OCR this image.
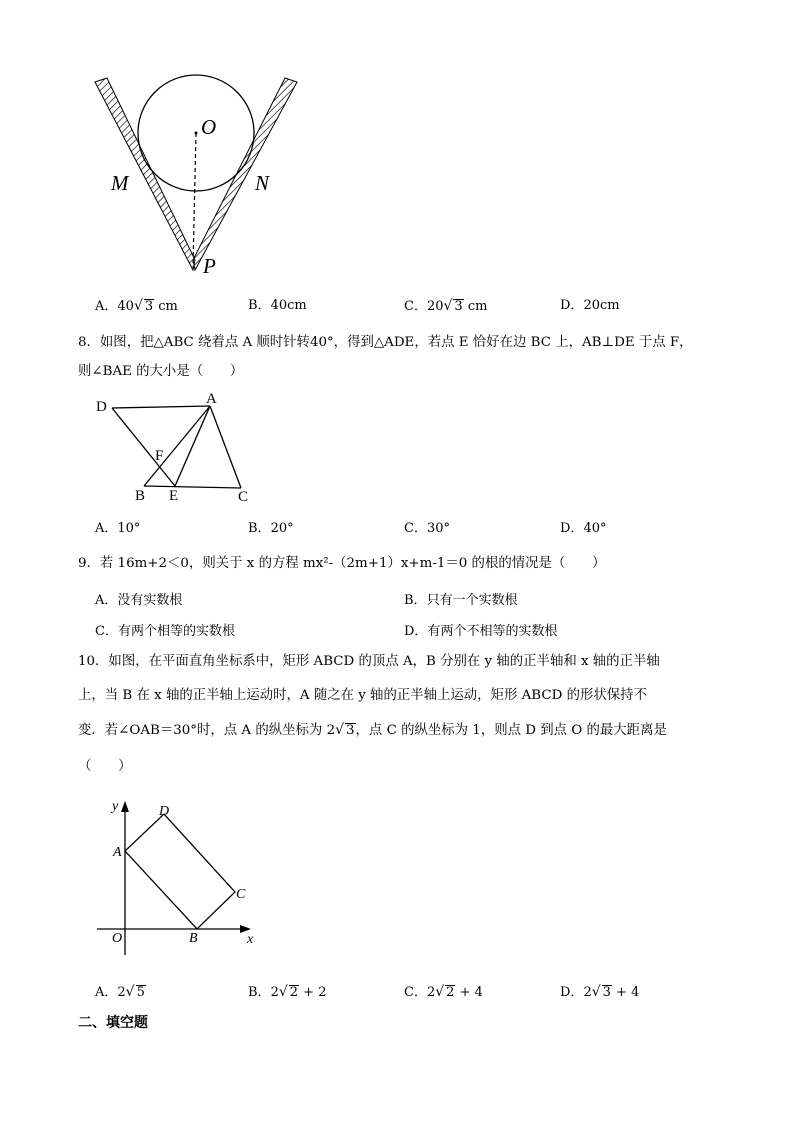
O
M	N
P
A．40√ 3 cm	B．40cm	C．20√ 3 cm	D．20cm
8．如图，把△ABC 绕着点 A 顺时针转40°，得到△ADE，若点 E 恰好在边 BC 上，AB⊥DE 于点 F，
则∠BAE 的大小是（　　）
D	A
F
B E	C
A．10°	B．20°	C．30°	D．40°
9．若 16m+2＜0，则关于 x 的方程 mx²-（2m+1）x+m-1＝0 的根的情况是（　　）
A．没有实数根	B．只有一个实数根
C．有两个相等的实数根	D．有两个不相等的实数根
10．如图，在平面直角坐标系中，矩形 ABCD 的顶点 A，B 分别在 y 轴的正半轴和 x 轴的正半轴
上，当 B 在 x 轴的正半轴上运动时，A 随之在 y 轴的正半轴上运动，矩形 ABCD 的形状保持不
变．若∠OAB＝30°时，点 A 的纵坐标为 2√ 3，点 C 的纵坐标为 1，则点 D 到点 O 的最大距离是
（　　）
y
x
O
A
B
C
D
A．2√ 5	B．2√ 2 + 2	C．2√ 2 + 4	D．2√ 3 + 4
二、填空题
